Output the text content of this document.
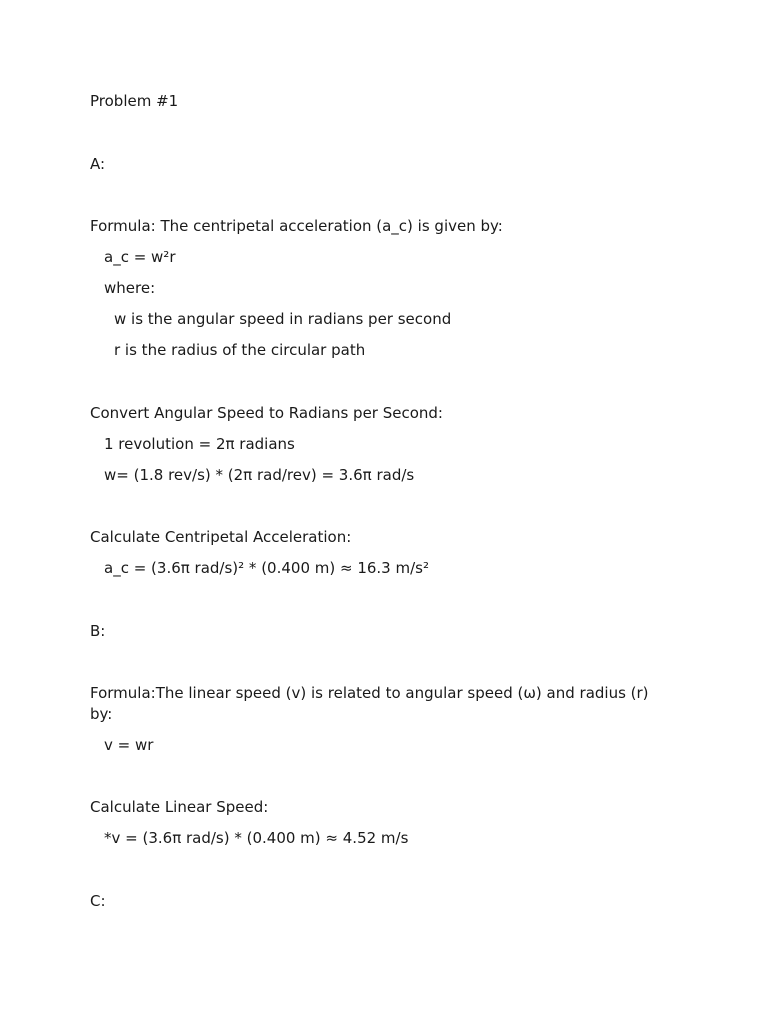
Problem #1
A:
Formula: The centripetal acceleration (a_c) is given by:
a_c = w²r
where:
w is the angular speed in radians per second
r is the radius of the circular path
Convert Angular Speed to Radians per Second:
1 revolution = 2π radians
w= (1.8 rev/s) * (2π rad/rev) = 3.6π rad/s
Calculate Centripetal Acceleration:
a_c = (3.6π rad/s)² * (0.400 m) ≈ 16.3 m/s²
B:
Formula:The linear speed (v) is related to angular speed (ω) and radius (r) by:
v = wr
Calculate Linear Speed:
*v = (3.6π rad/s) * (0.400 m) ≈ 4.52 m/s
C:
